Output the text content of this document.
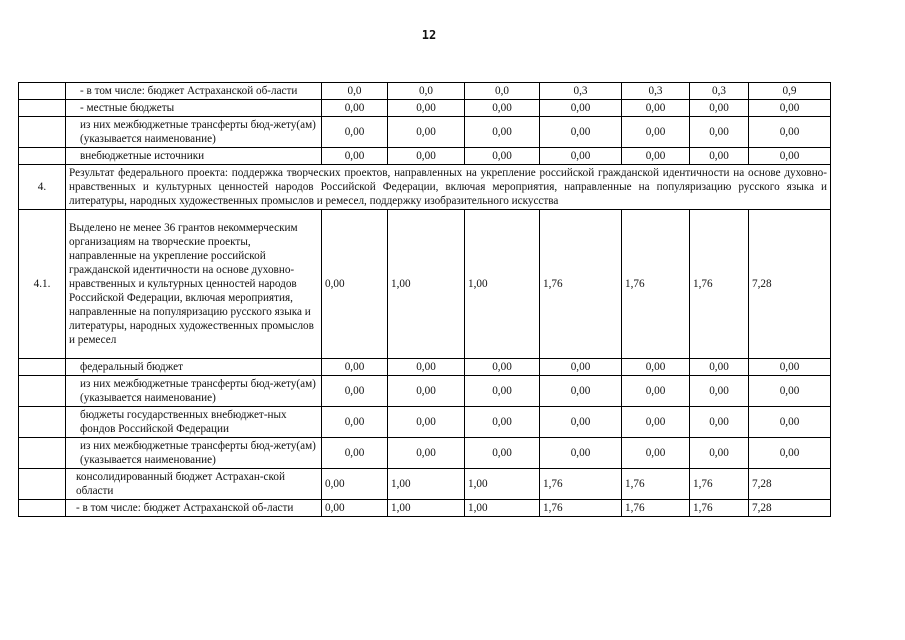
12
	- в том числе: бюджет Астраханской об-ласти	0,0	0,0	0,0	0,3	0,3	0,3	0,9
	- местные бюджеты	0,00	0,00	0,00	0,00	0,00	0,00	0,00
	из них межбюджетные трансферты бюд-жету(ам) (указывается наименование)	0,00	0,00	0,00	0,00	0,00	0,00	0,00
	внебюджетные источники	0,00	0,00	0,00	0,00	0,00	0,00	0,00
4.	Результат федерального проекта: поддержка творческих проектов, направленных на укрепление российской гражданской идентичности на основе духовно-нравственных и культурных ценностей народов Российской Федерации, включая мероприятия, направленные на популяризацию русского языка и литературы, народных художественных промыслов и ремесел, поддержку изобразительного искусства							
4.1.	Выделено не менее 36 грантов некоммерческим организациям на творческие проекты, направленные на укрепление российской гражданской идентичности на основе духовно-нравственных и культурных ценностей народов Российской Федерации, включая мероприятия, направленные на популяризацию русского языка и литературы, народных художественных промыслов и ремесел	0,00	1,00	1,00	1,76	1,76	1,76	7,28
	федеральный бюджет	0,00	0,00	0,00	0,00	0,00	0,00	0,00
	из них межбюджетные трансферты бюд-жету(ам) (указывается наименование)	0,00	0,00	0,00	0,00	0,00	0,00	0,00
	бюджеты государственных внебюджет-ных фондов Российской Федерации	0,00	0,00	0,00	0,00	0,00	0,00	0,00
	из них межбюджетные трансферты бюд-жету(ам) (указывается наименование)	0,00	0,00	0,00	0,00	0,00	0,00	0,00
	консолидированный бюджет Астрахан-ской области	0,00	1,00	1,00	1,76	1,76	1,76	7,28
	- в том числе: бюджет Астраханской об-ласти	0,00	1,00	1,00	1,76	1,76	1,76	7,28
